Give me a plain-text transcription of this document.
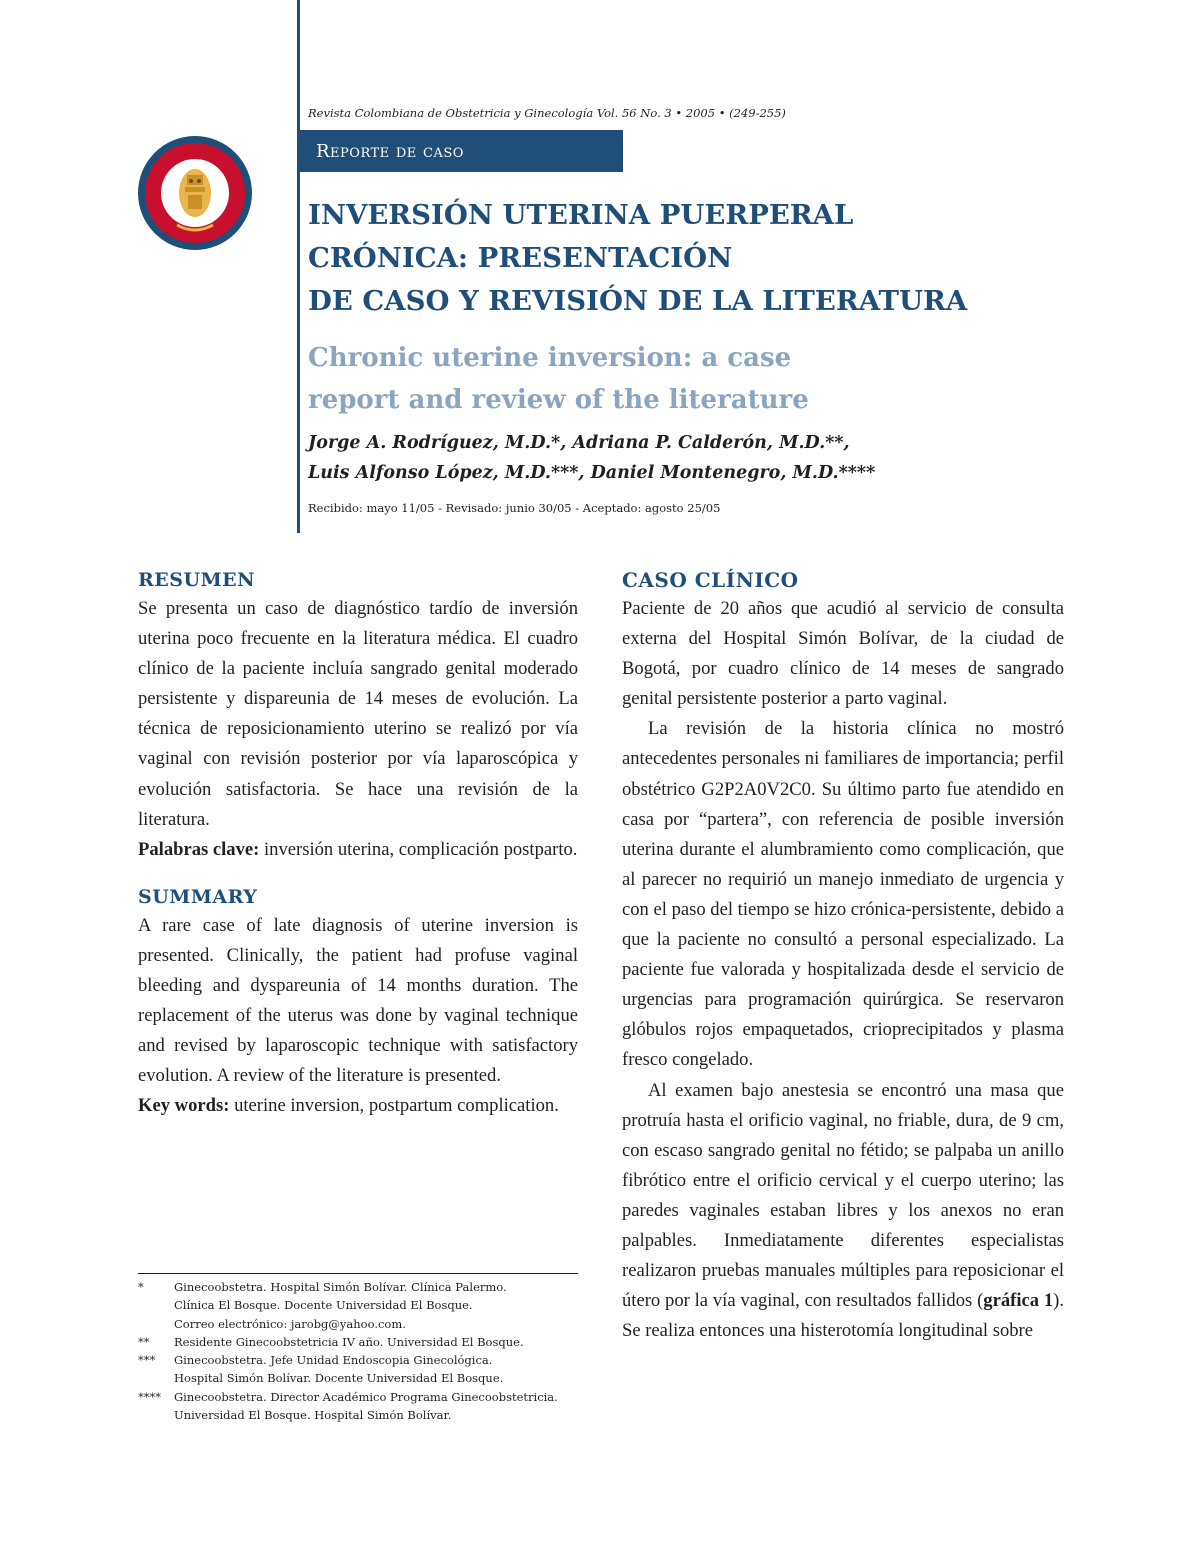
Revista Colombiana de Obstetricia y Ginecología Vol. 56 No. 3 • 2005 • (249-255)
Reporte de caso
INVERSIÓN UTERINA PUERPERAL
CRÓNICA: PRESENTACIÓN
DE CASO Y REVISIÓN DE LA LITERATURA
Chronic uterine inversion: a case
report and review of the literature
Jorge A. Rodríguez, M.D.*, Adriana P. Calderón, M.D.**,
Luis Alfonso López, M.D.***, Daniel Montenegro, M.D.****
Recibido: mayo 11/05 - Revisado: junio 30/05 - Aceptado: agosto 25/05
RESUMEN

Se presenta un caso de diagnóstico tardío de inversión uterina poco frecuente en la literatura médica. El cuadro clínico de la paciente incluía sangrado genital moderado persistente y dispareunia de 14 meses de evolución. La técnica de reposicionamiento uterino se realizó por vía vaginal con revisión posterior por vía laparoscópica y evolución satisfactoria. Se hace una revisión de la literatura.

Palabras clave: inversión uterina, complicación postparto.

SUMMARY

A rare case of late diagnosis of uterine inversion is presented. Clinically, the patient had profuse vaginal bleeding and dyspareunia of 14 months duration. The replacement of the uterus was done by vaginal technique and revised by laparoscopic technique with satisfactory evolution. A review of the literature is presented.

Key words: uterine inversion, postpartum complication.

*	Ginecoobstetra. Hospital Simón Bolívar. Clínica Palermo.
Clínica El Bosque. Docente Universidad El Bosque.
Correo electrónico: jarobg@yahoo.com.
**	Residente Ginecoobstetricia IV año. Universidad El Bosque.
***	Ginecoobstetra. Jefe Unidad Endoscopia Ginecológica.
Hospital Simón Bolívar. Docente Universidad El Bosque.
****	Ginecoobstetra. Director Académico Programa Ginecoobstetricia.
Universidad El Bosque. Hospital Simón Bolívar.
CASO CLÍNICO

Paciente de 20 años que acudió al servicio de consulta externa del Hospital Simón Bolívar, de la ciudad de Bogotá, por cuadro clínico de 14 meses de sangrado genital persistente posterior a parto vaginal.

La revisión de la historia clínica no mostró antecedentes personales ni familiares de importancia; perfil obstétrico G2P2A0V2C0. Su último parto fue atendido en casa por “partera”, con referencia de posible inversión uterina durante el alumbramiento como complicación, que al parecer no requirió un manejo inmediato de urgencia y con el paso del tiempo se hizo crónica-persistente, debido a que la paciente no consultó a personal especializado. La paciente fue valorada y hospitalizada desde el servicio de urgencias para programación quirúrgica. Se reservaron glóbulos rojos empaquetados, crioprecipitados y plasma fresco congelado.

Al examen bajo anestesia se encontró una masa que protruía hasta el orificio vaginal, no friable, dura, de 9 cm, con escaso sangrado genital no fétido; se palpaba un anillo fibrótico entre el orificio cervical y el cuerpo uterino; las paredes vaginales estaban libres y los anexos no eran palpables. Inmediatamente diferentes especialistas realizaron pruebas manuales múltiples para reposicionar el útero por la vía vaginal, con resultados fallidos (gráfica 1). Se realiza entonces una histerotomía longitudinal sobre
